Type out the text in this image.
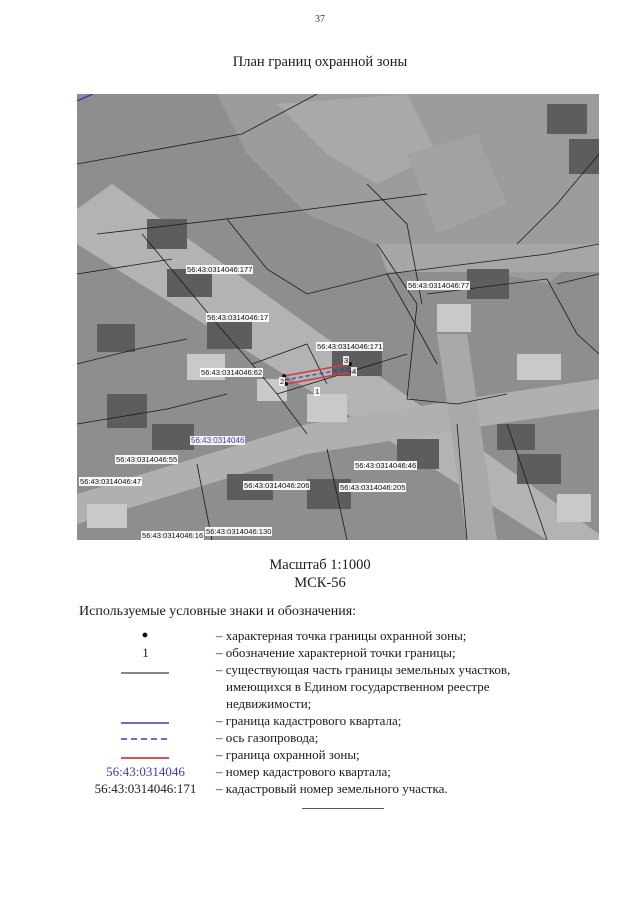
37
План границ охранной зоны
56:43:0314046:177
56:43:0314046:77
56:43:0314046:17
56:43:0314046:171
56:43:0314046:62
56:43:0314046:55
56:43:0314046:46
56:43:0314046:47	56:43:0314046:206	56:43:0314046:205
56:43:0314046:130
56:43:0314046:16
56:43:0314046
1
2
3
4
Масштаб 1:1000
МСК-56
Используемые условные знаки и обозначения:
– характерная точка границы охранной зоны;
1	– обозначение характерной точки границы;
– существующая часть границы земельных участков,
имеющихся в Едином государственном реестре
недвижимости;
– граница кадастрового квартала;
– ось газопровода;
– граница охранной зоны;
56:43:0314046	– номер кадастрового квартала;
56:43:0314046:171	– кадастровый номер земельного участка.
